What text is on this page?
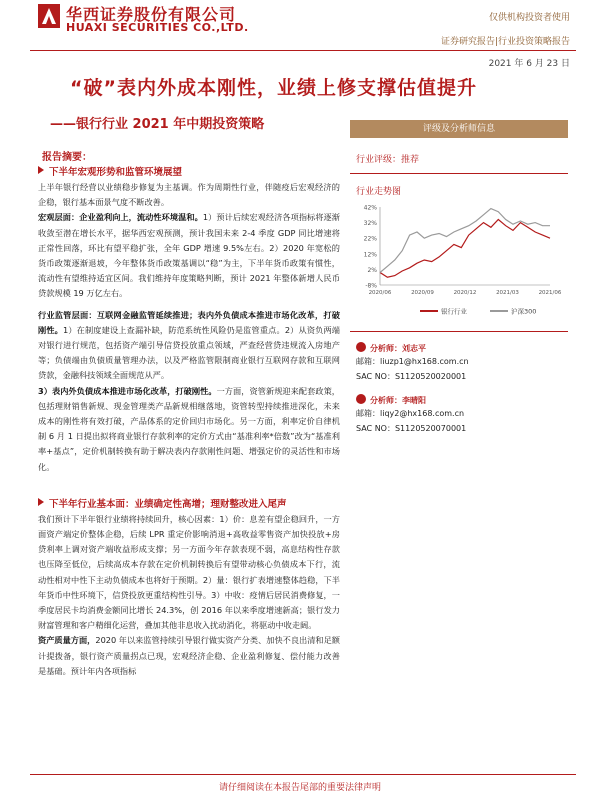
华西证券股份有限公司
HUAXI SECURITIES CO.,LTD.
仅供机构投资者使用
证券研究报告|行业投资策略报告
2021 年 6 月 23 日
“破”表内外成本刚性，业绩上修支撑估值提升
——银行行业 2021 年中期投资策略
报告摘要：
下半年宏观形势和监管环境展望

上半年银行经营以业绩稳步修复为主基调。作为周期性行业，伴随疫后宏观经济的企稳，银行基本面景气度不断改善。

宏观层面：企业盈利向上，流动性环境温和。1）预计后续宏观经济各项指标将逐渐收敛至潜在增长水平，据华西宏观预测，预计我国未来 2-4 季度 GDP 同比增速将正常性回落，环比有望平稳扩张，全年 GDP 增速 9.5%左右。2）2020 年宽松的货币政策逐渐退坡，今年整体货币政策基调以“稳”为主，下半年货币政策有惯性，流动性有望维持适宜区间。我们维持年度策略判断，预计 2021 年整体新增人民币贷款规模 19 万亿左右。

行业监管层面：互联网金融监管延续推进；表内外负债成本推进市场化改革，打破刚性。1）在制度建设上查漏补缺，防范系统性风险仍是监管重点。2）从资负两端对银行进行规范，包括资产端引导信贷投放重点领域，严查经营贷违规流入房地产等；负债端由负债质量管理办法，以及严格监管限制商业银行互联网存款和互联网贷款，金融科技领域全面规范从严。

3）表内外负债成本推进市场化改革，打破刚性。一方面，资管新规迎来配套政策，包括理财销售新规、现金管理类产品新规相继落地，资管转型持续推进深化，未来成本的刚性将有效打破，产品体系的定价回归市场化。另一方面，利率定价自律机制 6 月 1 日提出拟将商业银行存款利率的定价方式由“基准利率*倍数”改为“基准利率+基点”，定价机制转换有助于解决表内存款刚性问题、增强定价的灵活性和市场化。

下半年行业基本面：业绩确定性高增；理财整改进入尾声

我们预计下半年银行业绩将持续回升，核心因素：1）价：息差有望企稳回升，一方面资产端定价整体企稳，后续 LPR 重定价影响消退+高收益零售资产加快投放+房贷利率上调对资产端收益形成支撑；另一方面今年存款表现不弱，高息结构性存款也压降至低位，后续高成本存款在定价机制转换后有望带动核心负债成本下行，流动性相对中性下主动负债成本也将好于预期。2）量：银行扩表增速整体趋稳，下半年货币中性环境下，信贷投放更重结构性引导。3）中收：疫情后居民消费修复，一季度居民卡均消费金额同比增长 24.3%，创 2016 年以来季度增速新高；银行发力财富管理和客户精细化运营，叠加其他非息收入扰动消化，将驱动中收走阔。

资产质量方面，2020 年以来监管持续引导银行做实资产分类、加快不良出清和足额计提拨备，银行资产质量拐点已现，宏观经济企稳、企业盈利修复、偿付能力改善是基础。预计年内各项指标

评级及分析师信息
行业评级：推荐
行业走势图
42%
32%
22%
12%
2%
-8%
2020/06	2020/09	2020/12	2021/03	2021/06
银行行业	沪深300
分析师：刘志平
邮箱：liuzp1@hx168.com.cn
SAC NO：S1120520020001
分析师：李晴阳
邮箱：liqy2@hx168.com.cn
SAC NO：S1120520070001
请仔细阅读在本报告尾部的重要法律声明
